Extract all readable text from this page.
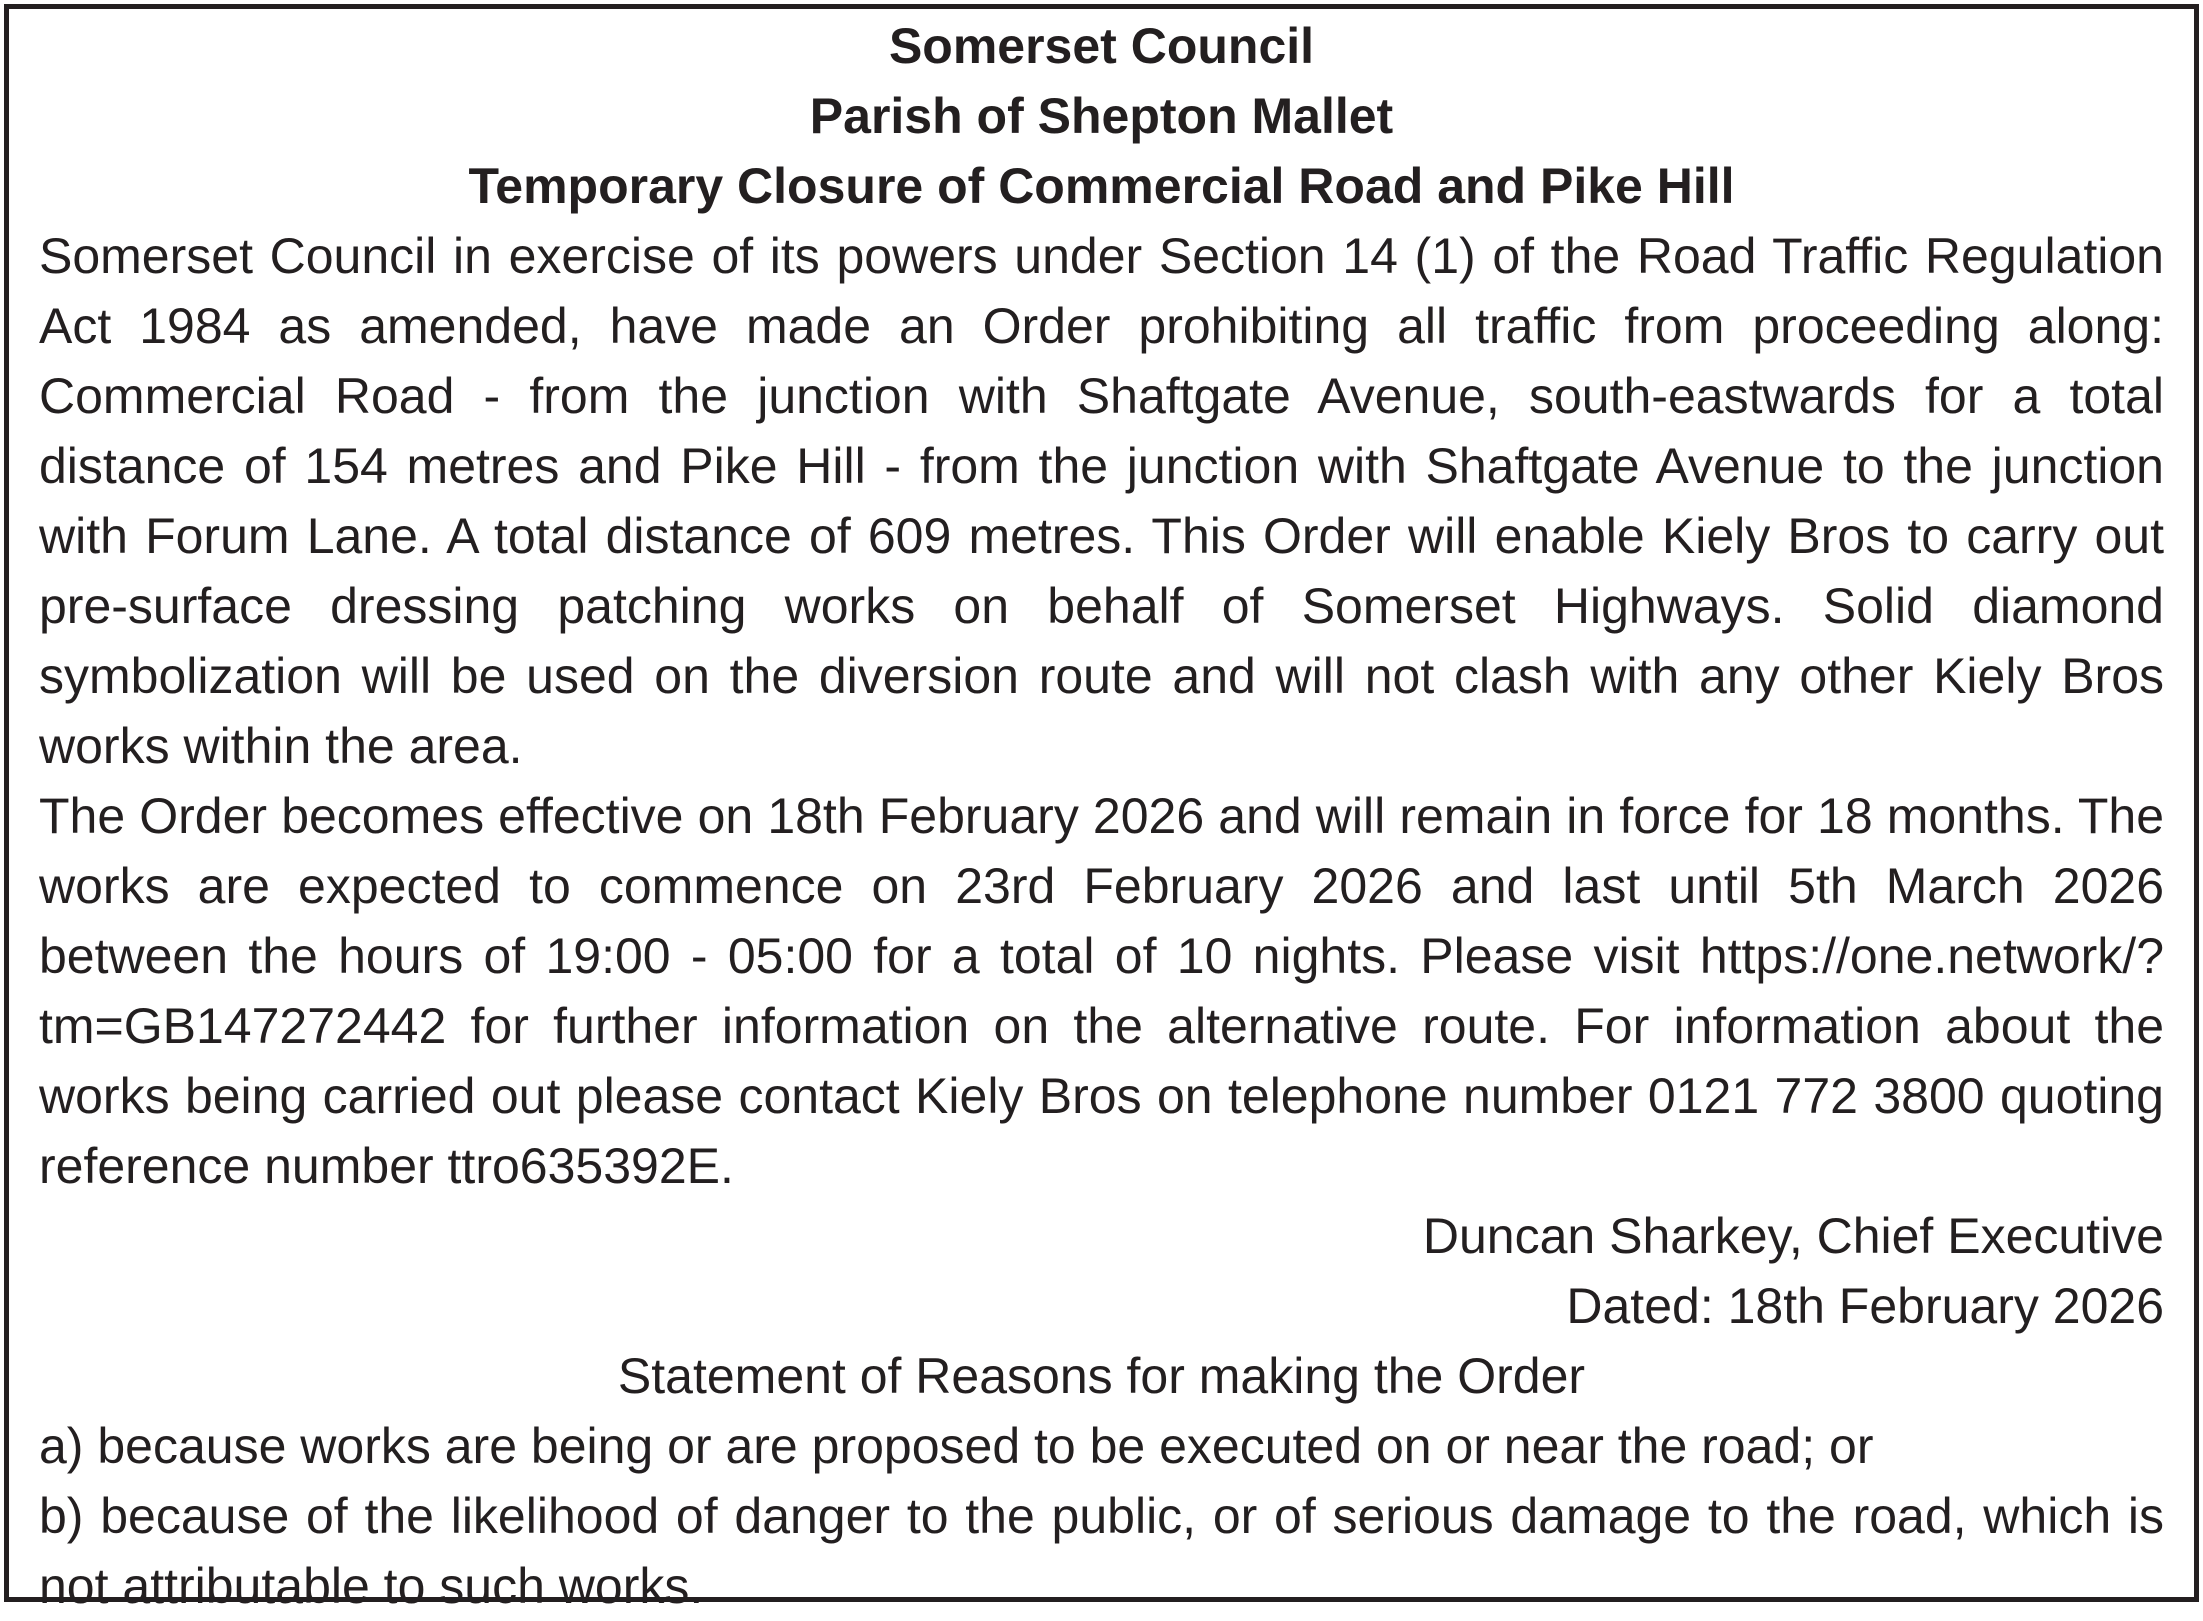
Somerset Council
Parish of Shepton Mallet
Temporary Closure of Commercial Road and Pike Hill

Somerset Council in exercise of its powers under Section 14 (1) of the Road Traffic Regulation Act 1984 as amended, have made an Order prohibiting all traffic from proceeding along: Commercial Road - from the junction with Shaftgate Avenue, south-eastwards for a total distance of 154 metres and Pike Hill - from the junction with Shaftgate Avenue to the junction with Forum Lane. A total distance of 609 metres. This Order will enable Kiely Bros to carry out pre-surface dressing patching works on behalf of Somerset Highways. Solid diamond symbolization will be used on the diversion route and will not clash with any other Kiely Bros works within the area.

The Order becomes effective on 18th February 2026 and will remain in force for 18 months. The works are expected to commence on 23rd February 2026 and last until 5th March 2026 between the hours of 19:00 - 05:00 for a total of 10 nights. Please visit https://one.network/?tm=GB147272442 for further information on the alternative route. For information about the works being carried out please contact Kiely Bros on telephone number 0121 772 3800 quoting reference number ttro635392E.

Duncan Sharkey, Chief Executive
Dated: 18th February 2026
Statement of Reasons for making the Order

a) because works are being or are proposed to be executed on or near the road; or

b) because of the likelihood of danger to the public, or of serious damage to the road, which is not attributable to such works.
